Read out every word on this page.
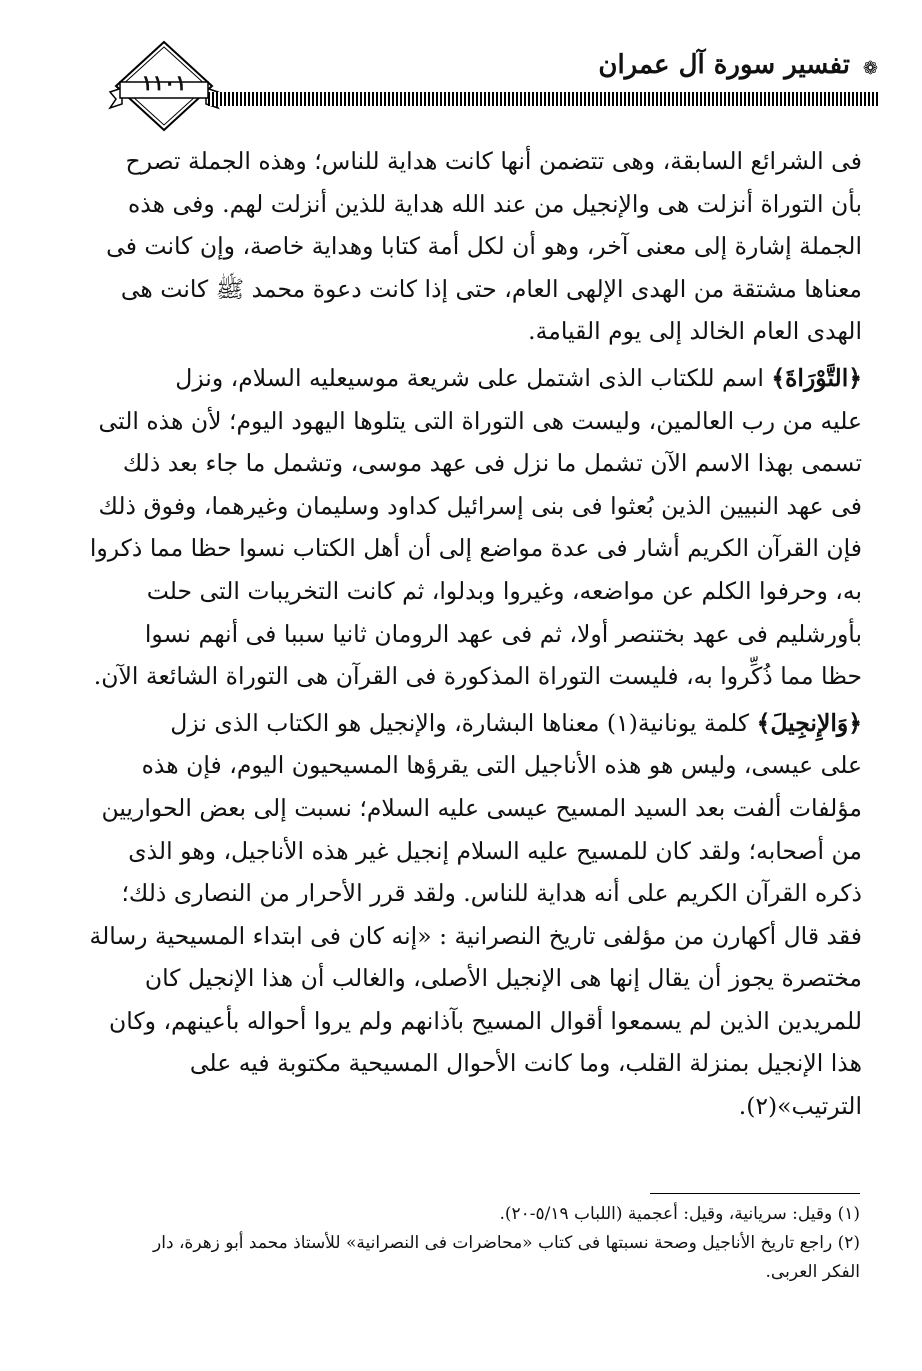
١١٠١
❁
تفسير سورة آل عمران

فى الشرائع السابقة، وهى تتضمن أنها كانت هداية للناس؛ وهذه الجملة تصرح
بأن التوراة أنزلت هى والإنجيل من عند الله هداية للذين أنزلت لهم. وفى هذه
الجملة إشارة إلى معنى آخر، وهو أن لكل أمة كتابا وهداية خاصة، وإن كانت فى
معناها مشتقة من الهدى الإلهى العام، حتى إذا كانت دعوة محمد ﷺ كانت هى
الهدى العام الخالد إلى يوم القيامة.

﴿التَّوْرَاةَ﴾ اسم للكتاب الذى اشتمل على شريعة موسيعليه السلام، ونزل
عليه من رب العالمين، وليست هى التوراة التى يتلوها اليهود اليوم؛ لأن هذه التى
تسمى بهذا الاسم الآن تشمل ما نزل فى عهد موسى، وتشمل ما جاء بعد ذلك
فى عهد النبيين الذين بُعثوا فى بنى إسرائيل كداود وسليمان وغيرهما، وفوق ذلك
فإن القرآن الكريم أشار فى عدة مواضع إلى أن أهل الكتاب نسوا حظا مما ذكروا
به، وحرفوا الكلم عن مواضعه، وغيروا وبدلوا، ثم كانت التخريبات التى حلت
بأورشليم فى عهد بختنصر أولا، ثم فى عهد الرومان ثانيا سببا فى أنهم نسوا
حظا مما ذُكِّروا به، فليست التوراة المذكورة فى القرآن هى التوراة الشائعة الآن.

﴿وَالإِنجِيلَ﴾ كلمة يونانية(١) معناها البشارة، والإنجيل هو الكتاب الذى نزل
على عيسى، وليس هو هذه الأناجيل التى يقرؤها المسيحيون اليوم، فإن هذه
مؤلفات ألفت بعد السيد المسيح عيسى عليه السلام؛ نسبت إلى بعض الحواريين
من أصحابه؛ ولقد كان للمسيح عليه السلام إنجيل غير هذه الأناجيل، وهو الذى
ذكره القرآن الكريم على أنه هداية للناس. ولقد قرر الأحرار من النصارى ذلك؛
فقد قال أكهارن من مؤلفى تاريخ النصرانية : «إنه كان فى ابتداء المسيحية رسالة
مختصرة يجوز أن يقال إنها هى الإنجيل الأصلى، والغالب أن هذا الإنجيل كان
للمريدين الذين لم يسمعوا أقوال المسيح بآذانهم ولم يروا أحواله بأعينهم، وكان
هذا الإنجيل بمنزلة القلب، وما كانت الأحوال المسيحية مكتوبة فيه على
الترتيب»(٢).

(١) وقيل: سريانية، وقيل: أعجمية (اللباب ٥/١٩-٢٠).

(٢) راجع تاريخ الأناجيل وصحة نسبتها فى كتاب «محاضرات فى النصرانية» للأستاذ محمد أبو زهرة، دار
الفكر العربى.
